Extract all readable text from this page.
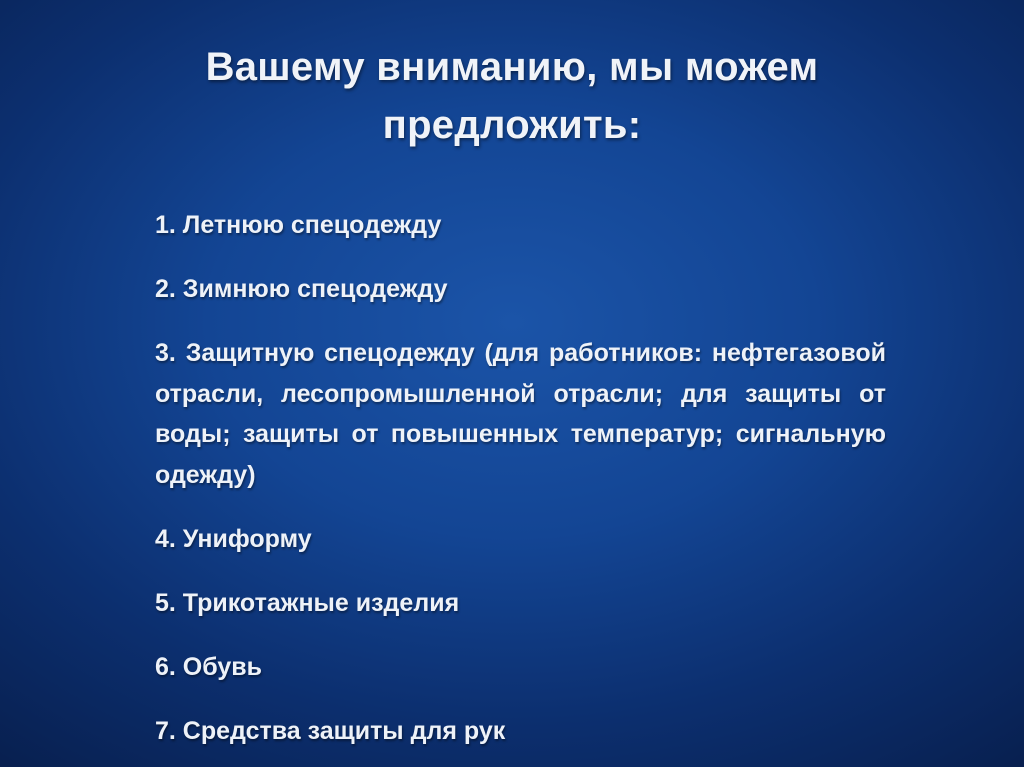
Вашему вниманию, мы можем предложить:
1. Летнюю спецодежду
2. Зимнюю спецодежду
3. Защитную спецодежду (для работников: нефтегазовой отрасли, лесопромышленной отрасли; для защиты от воды; защиты от повышенных температур; сигнальную одежду)
4. Униформу
5. Трикотажные изделия
6. Обувь
7. Средства защиты для рук
